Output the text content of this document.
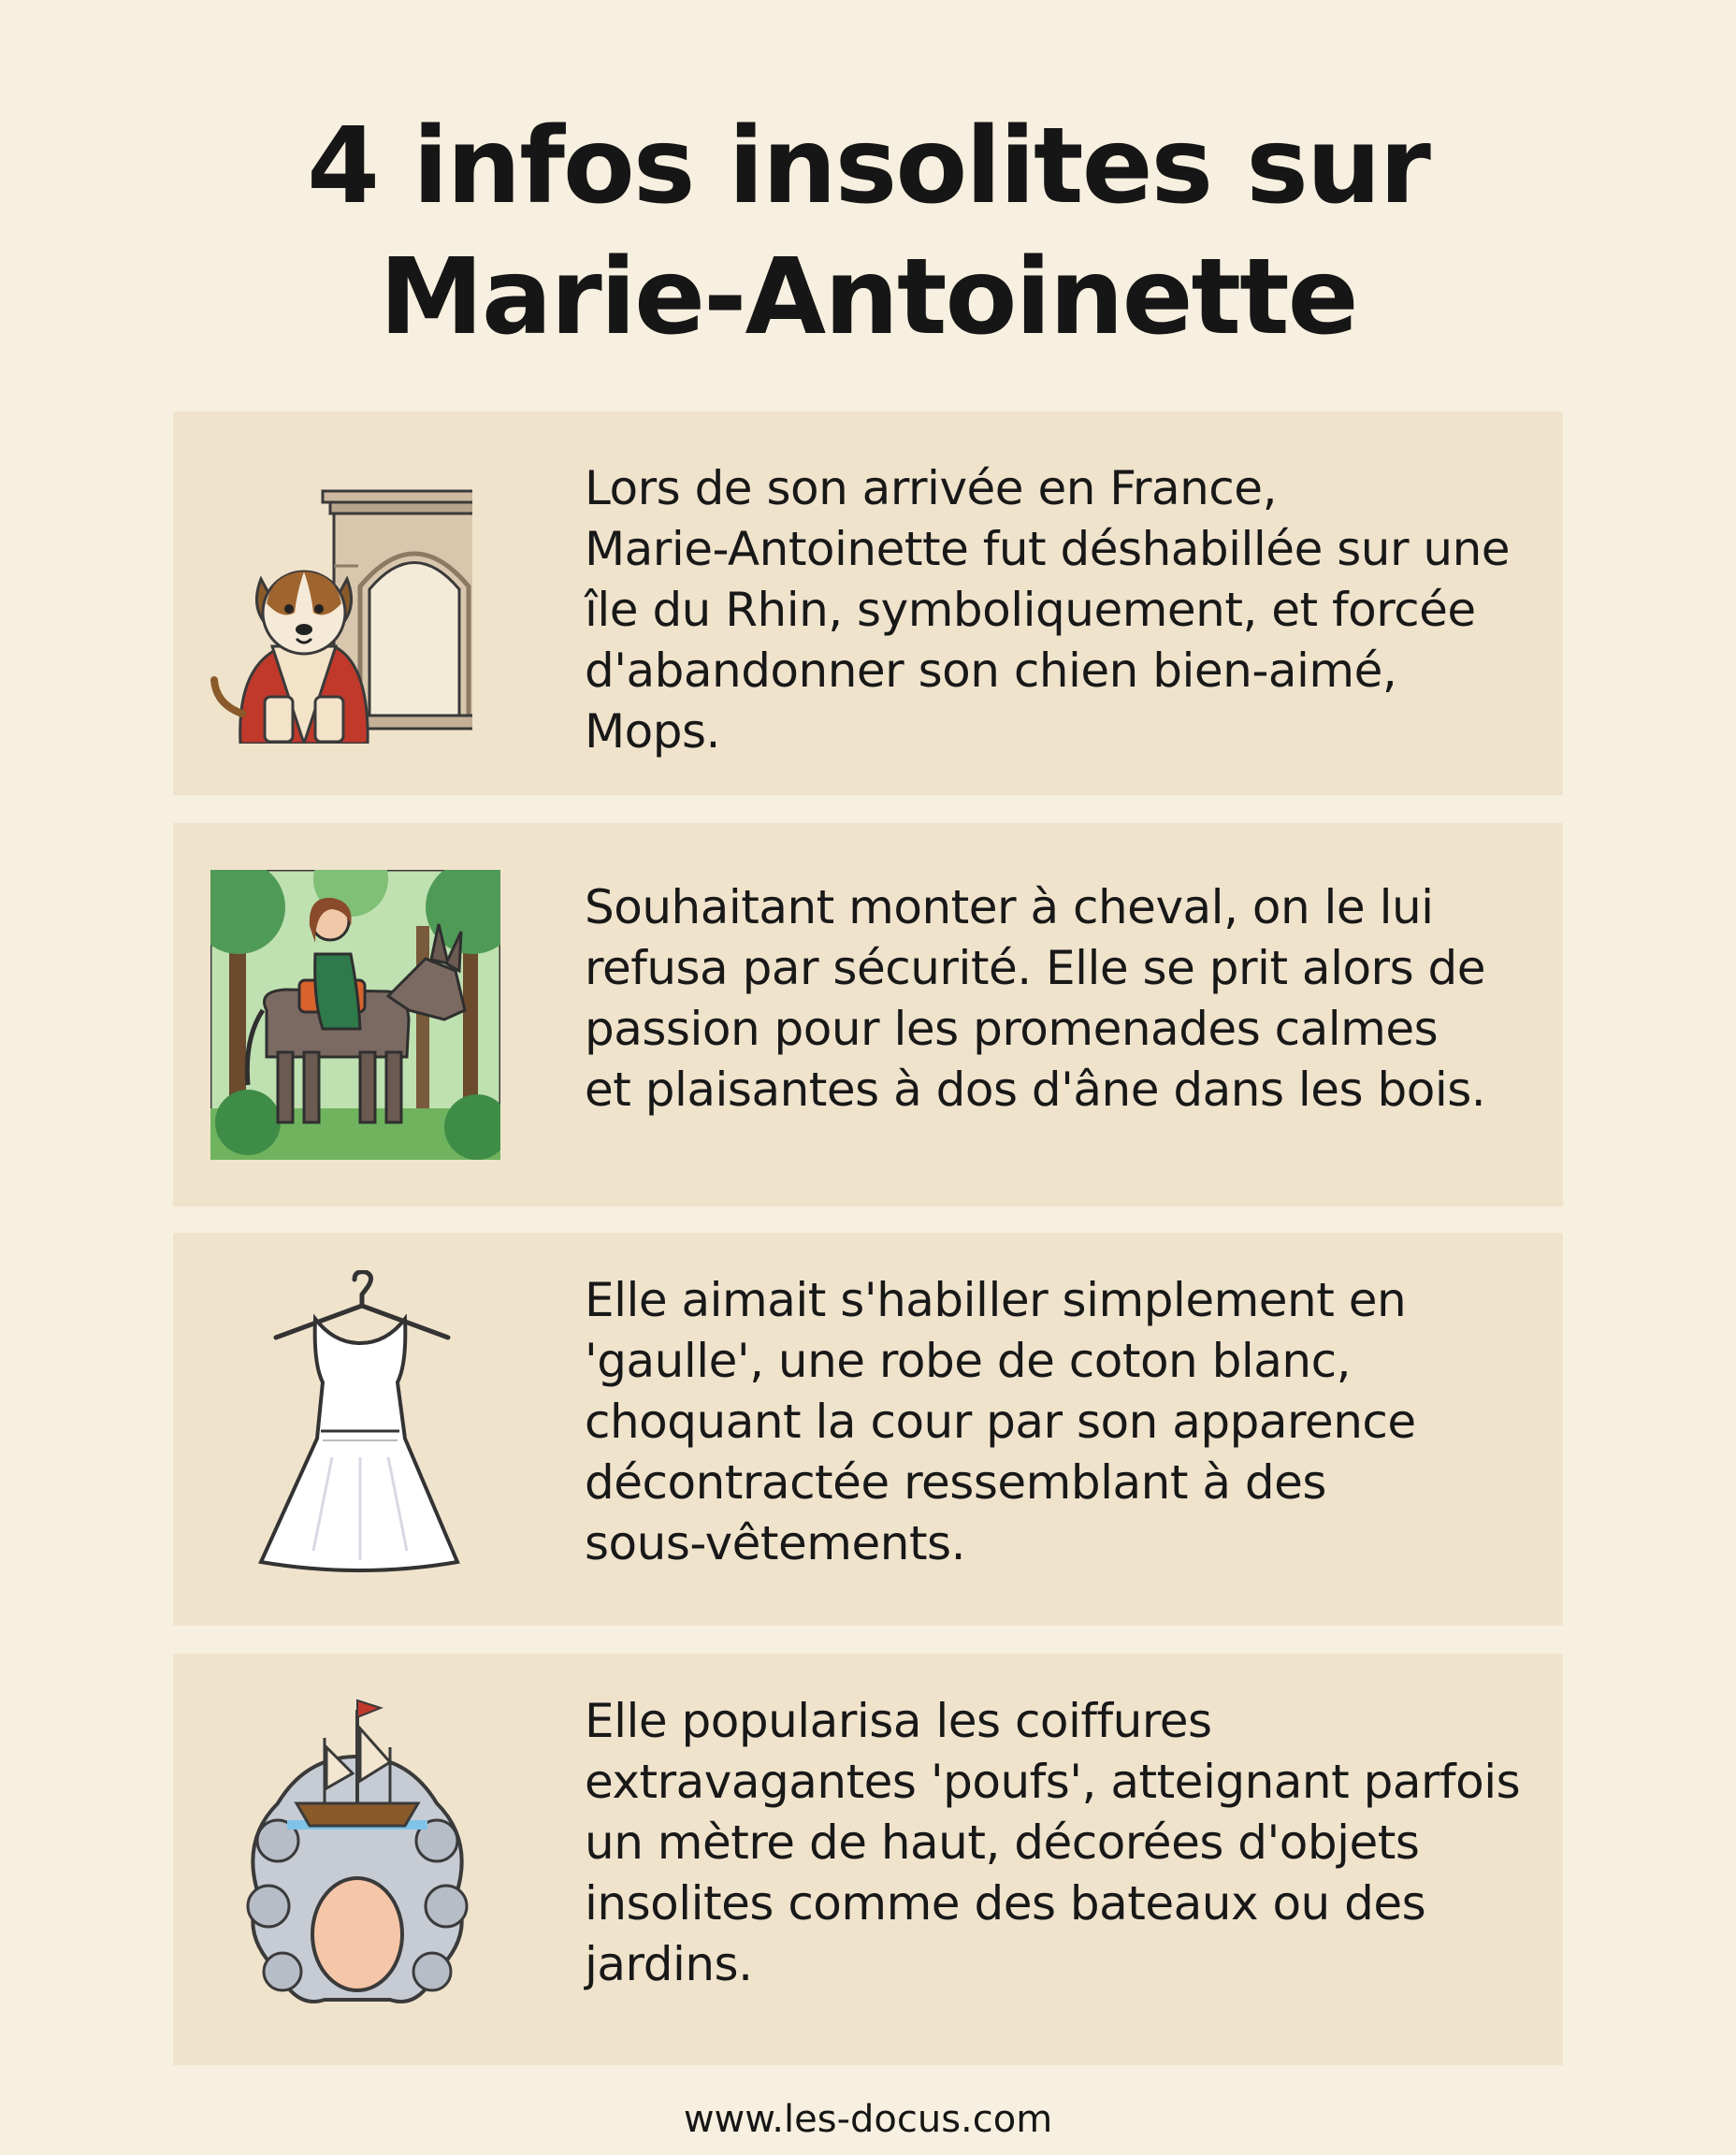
4 infos insolites sur
Marie-Antoinette
Lors de son arrivée en France,
Marie-Antoinette fut déshabillée sur une
île du Rhin, symboliquement, et forcée
d'abandonner son chien bien-aimé,
Mops.
Souhaitant monter à cheval, on le lui
refusa par sécurité. Elle se prit alors de
passion pour les promenades calmes
et plaisantes à dos d'âne dans les bois.
Elle aimait s'habiller simplement en
'gaulle', une robe de coton blanc,
choquant la cour par son apparence
décontractée ressemblant à des
sous-vêtements.
Elle popularisa les coiffures
extravagantes 'poufs', atteignant parfois
un mètre de haut, décorées d'objets
insolites comme des bateaux ou des
jardins.
www.les-docus.com
